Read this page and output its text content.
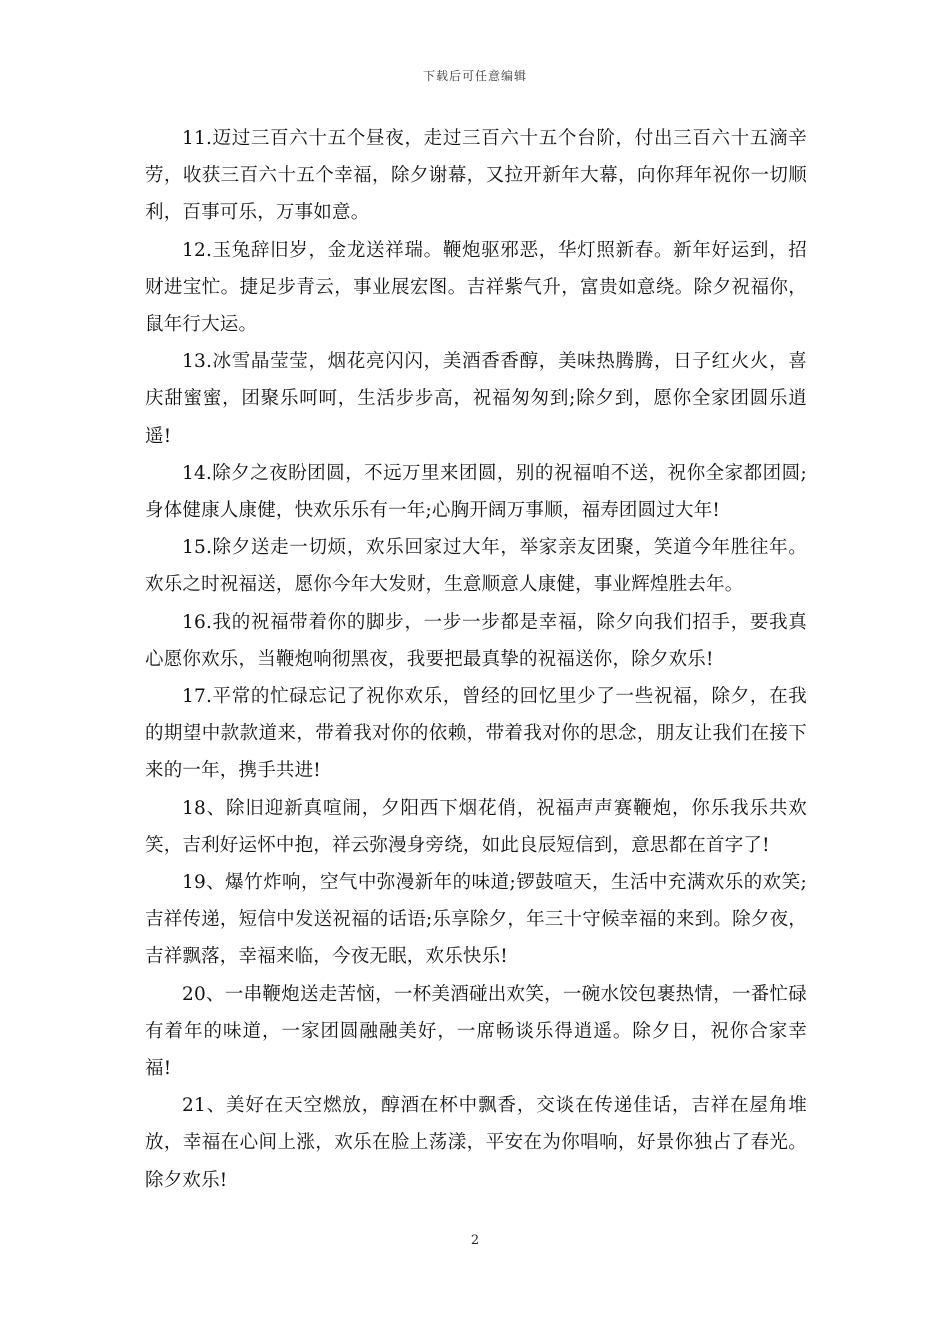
下载后可任意编辑

11.迈过三百六十五个昼夜，走过三百六十五个台阶，付出三百六十五滴辛劳，收获三百六十五个幸福，除夕谢幕，又拉开新年大幕，向你拜年祝你一切顺利，百事可乐，万事如意。

12.玉兔辞旧岁，金龙送祥瑞。鞭炮驱邪恶，华灯照新春。新年好运到，招财进宝忙。捷足步青云，事业展宏图。吉祥紫气升，富贵如意绕。除夕祝福你，鼠年行大运。

13.冰雪晶莹莹，烟花亮闪闪，美酒香香醇，美味热腾腾，日子红火火，喜庆甜蜜蜜，团聚乐呵呵，生活步步高，祝福匆匆到;除夕到，愿你全家团圆乐逍遥!

14.除夕之夜盼团圆，不远万里来团圆，别的祝福咱不送，祝你全家都团圆;身体健康人康健，快欢乐乐有一年;心胸开阔万事顺，福寿团圆过大年!

15.除夕送走一切烦，欢乐回家过大年，举家亲友团聚，笑道今年胜往年。欢乐之时祝福送，愿你今年大发财，生意顺意人康健，事业辉煌胜去年。

16.我的祝福带着你的脚步，一步一步都是幸福，除夕向我们招手，要我真心愿你欢乐，当鞭炮响彻黑夜，我要把最真挚的祝福送你，除夕欢乐!

17.平常的忙碌忘记了祝你欢乐，曾经的回忆里少了一些祝福，除夕，在我的期望中款款道来，带着我对你的依赖，带着我对你的思念，朋友让我们在接下来的一年，携手共进!

18、除旧迎新真喧闹，夕阳西下烟花俏，祝福声声赛鞭炮，你乐我乐共欢笑，吉利好运怀中抱，祥云弥漫身旁绕，如此良辰短信到，意思都在首字了!

19、爆竹炸响，空气中弥漫新年的味道;锣鼓喧天，生活中充满欢乐的欢笑;吉祥传递，短信中发送祝福的话语;乐享除夕，年三十守候幸福的来到。除夕夜，吉祥飘落，幸福来临，今夜无眠，欢乐快乐!

20、一串鞭炮送走苦恼，一杯美酒碰出欢笑，一碗水饺包裹热情，一番忙碌有着年的味道，一家团圆融融美好，一席畅谈乐得逍遥。除夕日，祝你合家幸福!

21、美好在天空燃放，醇酒在杯中飘香，交谈在传递佳话，吉祥在屋角堆放，幸福在心间上涨，欢乐在脸上荡漾，平安在为你唱响，好景你独占了春光。除夕欢乐!

2
